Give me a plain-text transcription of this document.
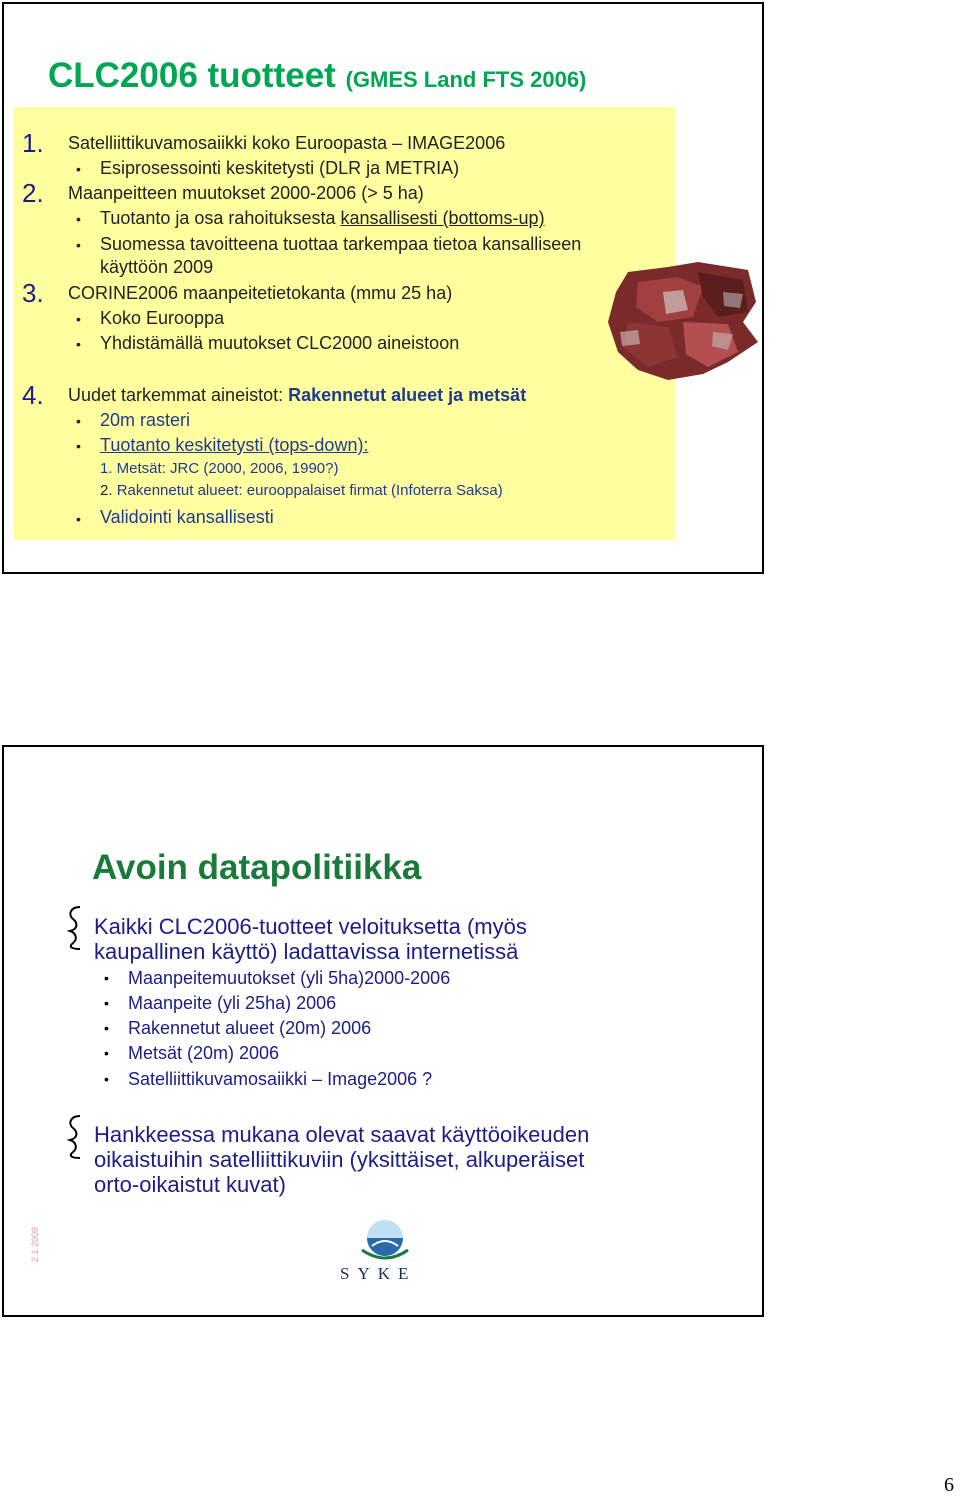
CLC2006 tuotteet (GMES Land FTS 2006)
1. Satelliittikuvamosaiikki koko Euroopasta – IMAGE2006
• Esiprosessointi keskitetysti (DLR ja METRIA)
2. Maanpeitteen muutokset 2000-2006 (> 5 ha)
• Tuotanto ja osa rahoituksesta kansallisesti (bottoms-up)
• Suomessa tavoitteena tuottaa tarkempaa tietoa kansalliseen
käyttöön 2009
3. CORINE2006 maanpeitetietokanta (mmu 25 ha)
• Koko Eurooppa
• Yhdistämällä muutokset CLC2000 aineistoon
4. Uudet tarkemmat aineistot: Rakennetut alueet ja metsät
• 20m rasteri
• Tuotanto keskitetysti (tops-down):
1. Metsät: JRC (2000, 2006, 1990?)
2. Rakennetut alueet: eurooppalaiset firmat (Infoterra Saksa)
• Validointi kansallisesti
Avoin datapolitiikka
Kaikki CLC2006-tuotteet veloituksetta (myös
kaupallinen käyttö) ladattavissa internetissä
• Maanpeitemuutokset (yli 5ha)2000-2006
• Maanpeite (yli 25ha) 2006
• Rakennetut alueet (20m) 2006
• Metsät (20m) 2006
• Satelliittikuvamosaiikki – Image2006 ?
Hankkeessa mukana olevat saavat käyttöoikeuden
oikaistuihin satelliittikuviin (yksittäiset, alkuperäiset
orto-oikaistut kuvat)
2.1.2008
SYKE
6
